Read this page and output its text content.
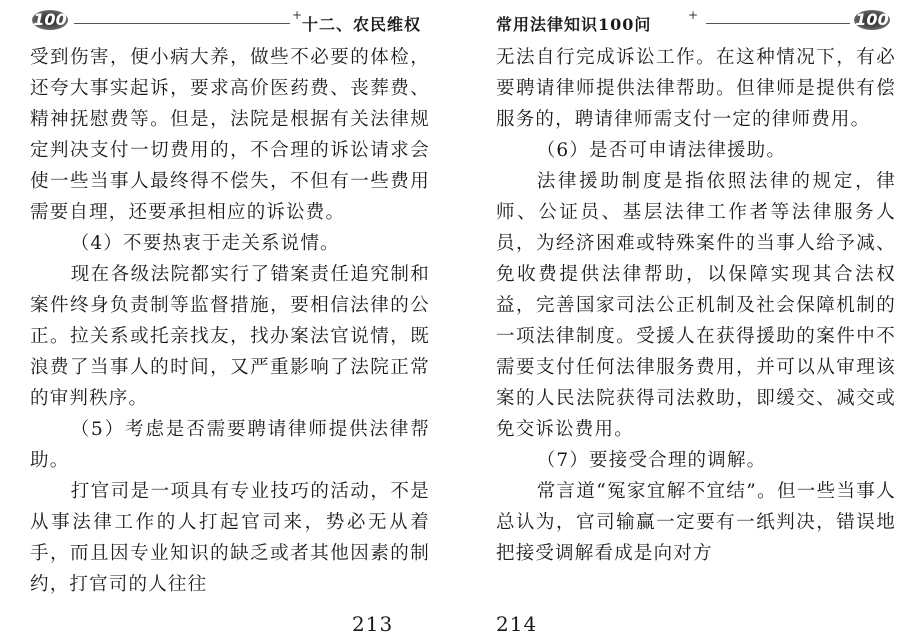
100	+ 十二、农民维权

受到伤害，便小病大养，做些不必要的体检，还夸大事实起诉，要求高价医药费、丧葬费、精神抚慰费等。但是，法院是根据有关法律规定判决支付一切费用的，不合理的诉讼请求会使一些当事人最终得不偿失，不但有一些费用需要自理，还要承担相应的诉讼费。

（4）不要热衷于走关系说情。

现在各级法院都实行了错案责任追究制和案件终身负责制等监督措施，要相信法律的公正。拉关系或托亲找友，找办案法官说情，既浪费了当事人的时间，又严重影响了法院正常的审判秩序。

（5）考虑是否需要聘请律师提供法律帮助。

打官司是一项具有专业技巧的活动，不是从事法律工作的人打起官司来，势必无从着手，而且因专业知识的缺乏或者其他因素的制约，打官司的人往往

213
常用法律知识100问	+	100

无法自行完成诉讼工作。在这种情况下，有必要聘请律师提供法律帮助。但律师是提供有偿服务的，聘请律师需支付一定的律师费用。

（6）是否可申请法律援助。

法律援助制度是指依照法律的规定，律师、公证员、基层法律工作者等法律服务人员，为经济困难或特殊案件的当事人给予减、免收费提供法律帮助，以保障实现其合法权益，完善国家司法公正机制及社会保障机制的一项法律制度。受援人在获得援助的案件中不需要支付任何法律服务费用，并可以从审理该案的人民法院获得司法救助，即缓交、减交或免交诉讼费用。

（7）要接受合理的调解。

常言道“冤家宜解不宜结”。但一些当事人总认为，官司输赢一定要有一纸判决，错误地把接受调解看成是向对方

214
